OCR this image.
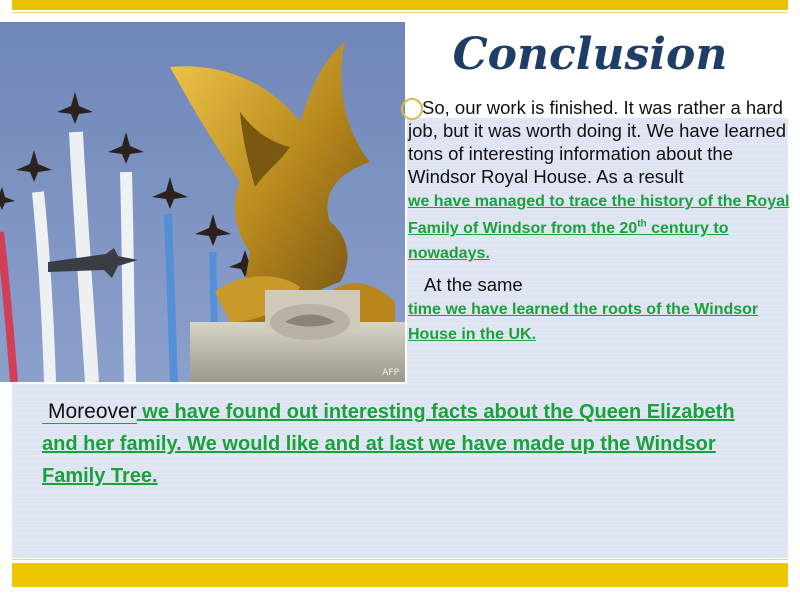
AFP
Conclusion

So, our work is finished. It was rather a hard job, but it was worth doing it. We have learned tons of interesting information about the Windsor Royal House. As a result
we have managed to trace the history of the Royal Family of Windsor from the 20th century to nowadays.

At the same
time we have learned the roots of the Windsor House in the UK.

Moreover we have found out interesting facts about the Queen Elizabeth and her family. We would like and at last we have made up the Windsor Family Tree.
